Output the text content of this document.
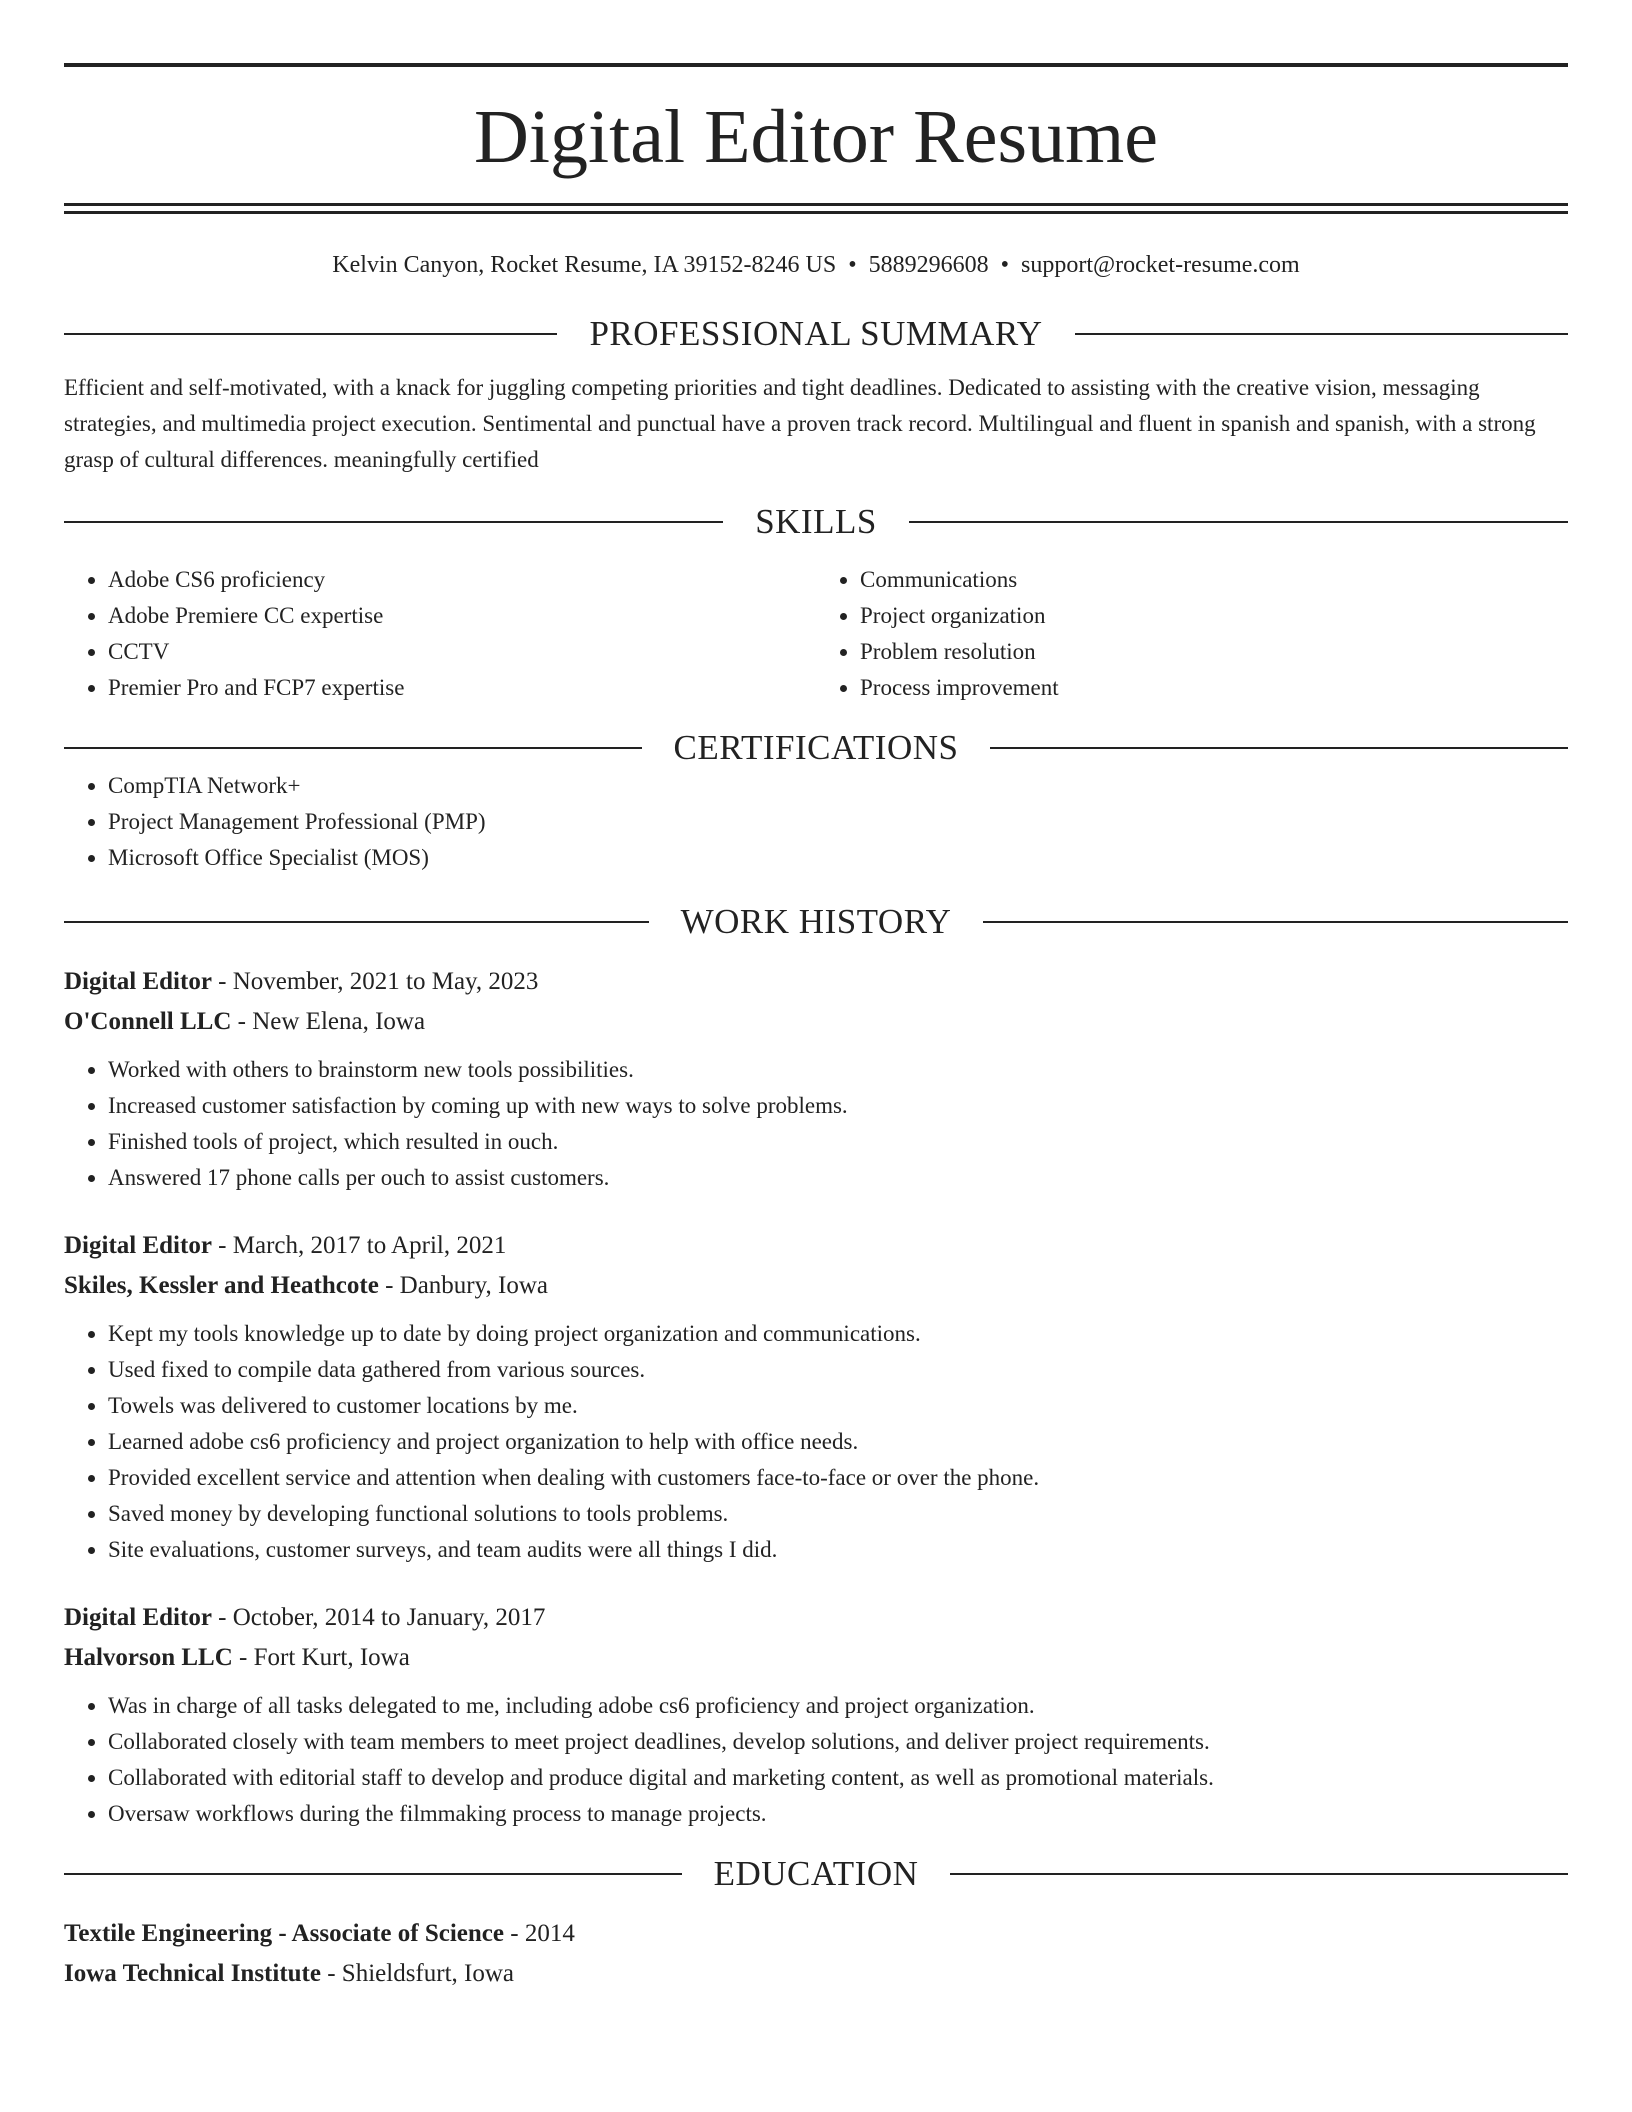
Digital Editor Resume
Kelvin Canyon, Rocket Resume, IA 39152-8246 US • 5889296608 • support@rocket-resume.com
PROFESSIONAL SUMMARY

Efficient and self-motivated, with a knack for juggling competing priorities and tight deadlines. Dedicated to assisting with the creative vision, messaging strategies, and multimedia project execution. Sentimental and punctual have a proven track record. Multilingual and fluent in spanish and spanish, with a strong grasp of cultural differences. meaningfully certified

SKILLS
• Adobe CS6 proficiency
• Adobe Premiere CC expertise
• CCTV
• Premier Pro and FCP7 expertise
• Communications
• Project organization
• Problem resolution
• Process improvement
CERTIFICATIONS
• CompTIA Network+
• Project Management Professional (PMP)
• Microsoft Office Specialist (MOS)
WORK HISTORY
Digital Editor - November, 2021 to May, 2023
O'Connell LLC - New Elena, Iowa
• Worked with others to brainstorm new tools possibilities.
• Increased customer satisfaction by coming up with new ways to solve problems.
• Finished tools of project, which resulted in ouch.
• Answered 17 phone calls per ouch to assist customers.
Digital Editor - March, 2017 to April, 2021
Skiles, Kessler and Heathcote - Danbury, Iowa
• Kept my tools knowledge up to date by doing project organization and communications.
• Used fixed to compile data gathered from various sources.
• Towels was delivered to customer locations by me.
• Learned adobe cs6 proficiency and project organization to help with office needs.
• Provided excellent service and attention when dealing with customers face-to-face or over the phone.
• Saved money by developing functional solutions to tools problems.
• Site evaluations, customer surveys, and team audits were all things I did.
Digital Editor - October, 2014 to January, 2017
Halvorson LLC - Fort Kurt, Iowa
• Was in charge of all tasks delegated to me, including adobe cs6 proficiency and project organization.
• Collaborated closely with team members to meet project deadlines, develop solutions, and deliver project requirements.
• Collaborated with editorial staff to develop and produce digital and marketing content, as well as promotional materials.
• Oversaw workflows during the filmmaking process to manage projects.
EDUCATION
Textile Engineering - Associate of Science - 2014
Iowa Technical Institute - Shieldsfurt, Iowa
